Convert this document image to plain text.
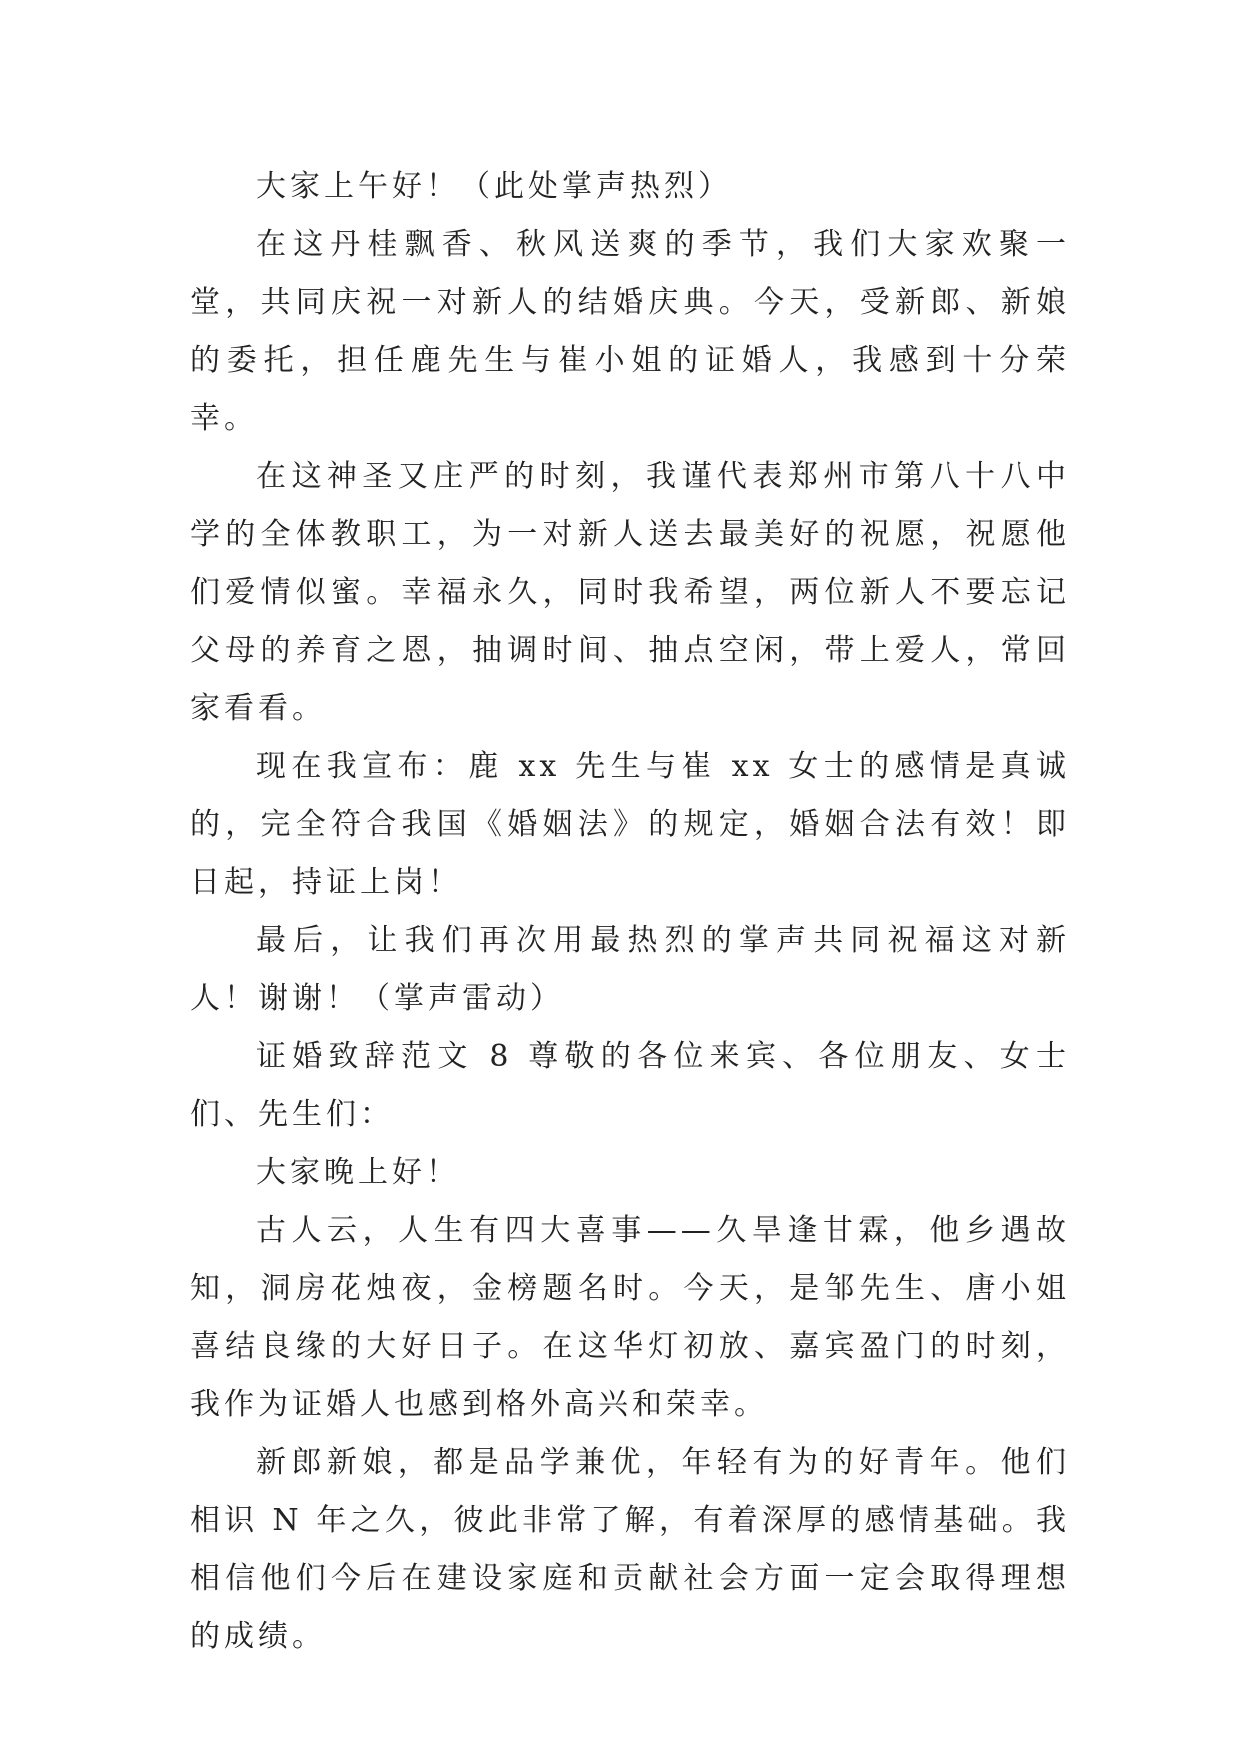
大家上午好！（此处掌声热烈）

在这丹桂飘香、秋风送爽的季节，我们大家欢聚一堂，共同庆祝一对新人的结婚庆典。今天，受新郎、新娘的委托，担任鹿先生与崔小姐的证婚人，我感到十分荣幸。

在这神圣又庄严的时刻，我谨代表郑州市第八十八中学的全体教职工，为一对新人送去最美好的祝愿，祝愿他们爱情似蜜。幸福永久，同时我希望，两位新人不要忘记父母的养育之恩，抽调时间、抽点空闲，带上爱人，常回家看看。

现在我宣布：鹿 xx 先生与崔 xx 女士的感情是真诚的，完全符合我国《婚姻法》的规定，婚姻合法有效！即日起，持证上岗！

最后，让我们再次用最热烈的掌声共同祝福这对新人！谢谢！（掌声雷动）

证婚致辞范文 8 尊敬的各位来宾、各位朋友、女士们、先生们：

大家晚上好！

古人云，人生有四大喜事——久旱逢甘霖，他乡遇故知，洞房花烛夜，金榜题名时。今天，是邹先生、唐小姐喜结良缘的大好日子。在这华灯初放、嘉宾盈门的时刻，我作为证婚人也感到格外高兴和荣幸。

新郎新娘，都是品学兼优，年轻有为的好青年。他们相识 N 年之久，彼此非常了解，有着深厚的感情基础。我相信他们今后在建设家庭和贡献社会方面一定会取得理想的成绩。
